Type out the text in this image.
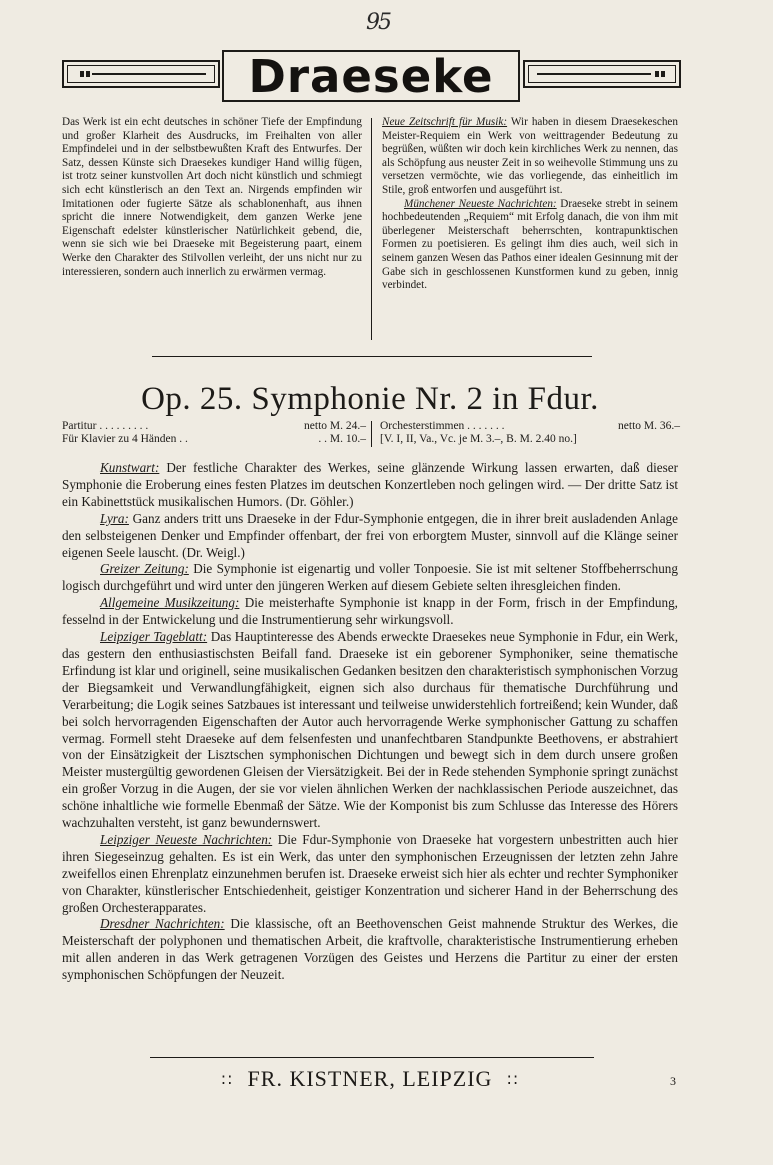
95
Draeseke
Das Werk ist ein echt deutsches in schöner Tiefe der Empfindung und großer Klarheit des Ausdrucks, im Freihalten von aller Empfindelei und in der selbstbewußten Kraft des Entwurfes. Der Satz, dessen Künste sich Draesekes kundiger Hand willig fügen, ist trotz seiner kunstvollen Art doch nicht künstlich und schmiegt sich echt künstlerisch an den Text an. Nirgends empfinden wir Imitationen oder fugierte Sätze als schablonenhaft, aus ihnen spricht die innere Notwendigkeit, dem ganzen Werke jene Eigenschaft edelster künstlerischer Natürlichkeit gebend, die, wenn sie sich wie bei Draeseke mit Begeisterung paart, einem Werke den Charakter des Stilvollen verleiht, der uns nicht nur zu interessieren, sondern auch innerlich zu erwärmen vermag.
Neue Zeitschrift für Musik: Wir haben in diesem Draesekeschen Meister-Requiem ein Werk von weittragender Bedeutung zu begrüßen, wüßten wir doch kein kirchliches Werk zu nennen, das als Schöpfung aus neuster Zeit in so weihevolle Stimmung uns zu versetzen vermöchte, wie das vorliegende, das einheitlich im Stile, groß entworfen und ausgeführt ist.
Münchener Neueste Nachrichten: Draeseke strebt in seinem hochbedeutenden „Requiem“ mit Erfolg danach, die von ihm mit überlegener Meisterschaft beherrschten, kontrapunktischen Formen zu poetisieren. Es gelingt ihm dies auch, weil sich in seinem ganzen Wesen das Pathos einer idealen Gesinnung mit der Gabe sich in geschlossenen Kunstformen kund zu geben, innig verbindet.
Op. 25. Symphonie Nr. 2 in Fdur.
Partitur . . . . . . . . .	netto M. 24.–
Für Klavier zu 4 Händen . .	. . M. 10.–
Orchesterstimmen . . . . . . .	netto M. 36.–
[V. I, II, Va., Vc. je M. 3.–, B. M. 2.40 no.]

Kunstwart: Der festliche Charakter des Werkes, seine glänzende Wirkung lassen erwarten, daß dieser Symphonie die Eroberung eines festen Platzes im deutschen Konzertleben noch gelingen wird. — Der dritte Satz ist ein Kabinettstück musikalischen Humors. (Dr. Göhler.)

Lyra: Ganz anders tritt uns Draeseke in der Fdur-Symphonie entgegen, die in ihrer breit ausladenden Anlage den selbsteigenen Denker und Empfinder offenbart, der frei von erborgtem Muster, sinnvoll auf die Klänge seiner eigenen Seele lauscht. (Dr. Weigl.)

Greizer Zeitung: Die Symphonie ist eigenartig und voller Tonpoesie. Sie ist mit seltener Stoffbeherrschung logisch durchgeführt und wird unter den jüngeren Werken auf diesem Gebiete selten ihresgleichen finden.

Allgemeine Musikzeitung: Die meisterhafte Symphonie ist knapp in der Form, frisch in der Empfindung, fesselnd in der Entwickelung und die Instrumentierung sehr wirkungsvoll.

Leipziger Tageblatt: Das Hauptinteresse des Abends erweckte Draesekes neue Symphonie in Fdur, ein Werk, das gestern den enthusiastischsten Beifall fand. Draeseke ist ein geborener Symphoniker, seine thematische Erfindung ist klar und originell, seine musikalischen Gedanken besitzen den charakteristisch symphonischen Vorzug der Biegsamkeit und Verwandlungfähigkeit, eignen sich also durchaus für thematische Durchführung und Verarbeitung; die Logik seines Satzbaues ist interessant und teilweise unwiderstehlich fortreißend; kein Wunder, daß bei solch hervorragenden Eigenschaften der Autor auch hervorragende Werke symphonischer Gattung zu schaffen vermag. Formell steht Draeseke auf dem felsenfesten und unanfechtbaren Standpunkte Beethovens, er abstrahiert von der Einsätzigkeit der Lisztschen symphonischen Dichtungen und bewegt sich in dem durch unsere großen Meister mustergültig gewordenen Gleisen der Viersätzigkeit. Bei der in Rede stehenden Symphonie springt zunächst ein großer Vorzug in die Augen, der sie vor vielen ähnlichen Werken der nachklassischen Periode auszeichnet, das schöne inhaltliche wie formelle Ebenmaß der Sätze. Wie der Komponist bis zum Schlusse das Interesse des Hörers wachzuhalten versteht, ist ganz bewundernswert.

Leipziger Neueste Nachrichten: Die Fdur-Symphonie von Draeseke hat vorgestern unbestritten auch hier ihren Siegeseinzug gehalten. Es ist ein Werk, das unter den symphonischen Erzeugnissen der letzten zehn Jahre zweifellos einen Ehrenplatz einzunehmen berufen ist. Draeseke erweist sich hier als echter und rechter Symphoniker von Charakter, künstlerischer Entschiedenheit, geistiger Konzentration und sicherer Hand in der Beherrschung des großen Orchesterapparates.

Dresdner Nachrichten: Die klassische, oft an Beethovenschen Geist mahnende Struktur des Werkes, die Meisterschaft der polyphonen und thematischen Arbeit, die kraftvolle, charakteristische Instrumentierung erheben mit allen anderen in das Werk getragenen Vorzügen des Geistes und Herzens die Partitur zu einer der ersten symphonischen Schöpfungen der Neuzeit.

:: FR. KISTNER, LEIPZIG ::	3
